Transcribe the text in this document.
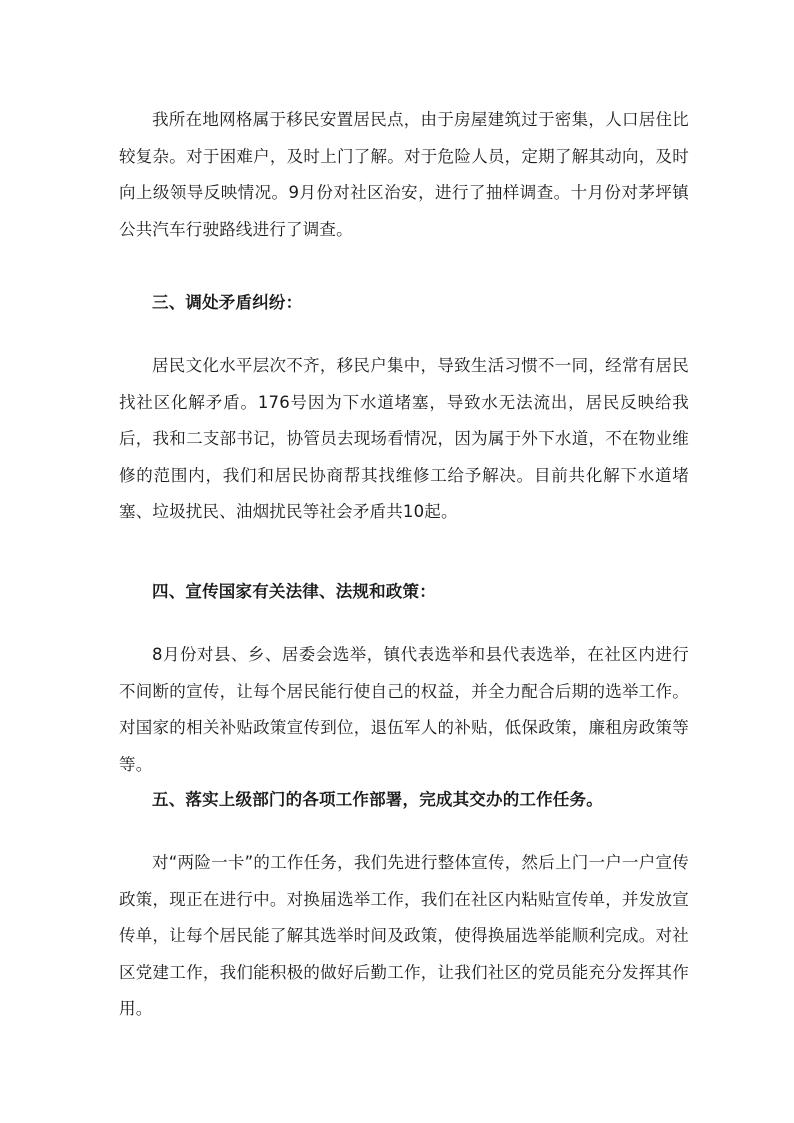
我所在地网格属于移民安置居民点，由于房屋建筑过于密集，人口居住比较复杂。对于困难户，及时上门了解。对于危险人员，定期了解其动向，及时向上级领导反映情况。9月份对社区治安，进行了抽样调查。十月份对茅坪镇公共汽车行驶路线进行了调查。

三、调处矛盾纠纷：

居民文化水平层次不齐，移民户集中，导致生活习惯不一同，经常有居民找社区化解矛盾。176号因为下水道堵塞，导致水无法流出，居民反映给我后，我和二支部书记，协管员去现场看情况，因为属于外下水道，不在物业维修的范围内，我们和居民协商帮其找维修工给予解决。目前共化解下水道堵塞、垃圾扰民、油烟扰民等社会矛盾共10起。

四、宣传国家有关法律、法规和政策：

8月份对县、乡、居委会选举，镇代表选举和县代表选举，在社区内进行不间断的宣传，让每个居民能行使自己的权益，并全力配合后期的选举工作。对国家的相关补贴政策宣传到位，退伍军人的补贴，低保政策，廉租房政策等等。

五、落实上级部门的各项工作部署，完成其交办的工作任务。

对“两险一卡”的工作任务，我们先进行整体宣传，然后上门一户一户宣传政策，现正在进行中。对换届选举工作，我们在社区内粘贴宣传单，并发放宣传单，让每个居民能了解其选举时间及政策，使得换届选举能顺利完成。对社区党建工作，我们能积极的做好后勤工作，让我们社区的党员能充分发挥其作用。
